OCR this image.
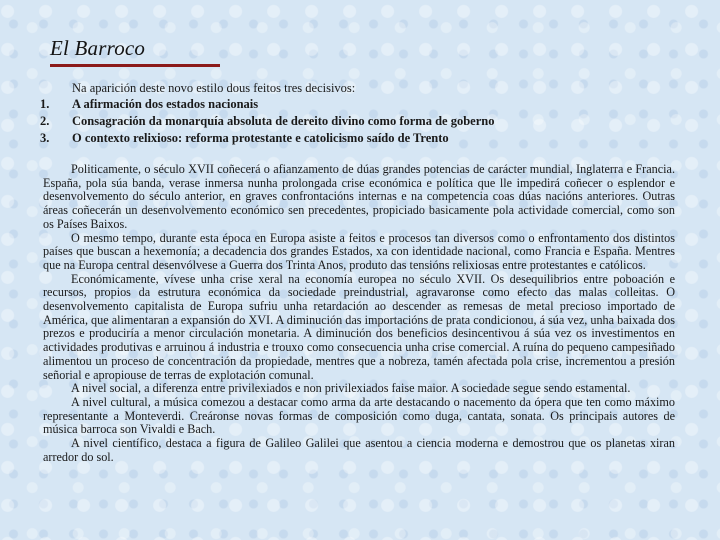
El Barroco
Na aparición deste novo estilo dous feitos tres decisivos:
1. A afirmación dos estados nacionais
2. Consagración da monarquía absoluta de dereito divino como forma de goberno
3. O contexto relixioso: reforma protestante e catolicismo saído de Trento

Politicamente, o século XVII coñecerá o afianzamento de dúas grandes potencias de carácter mundial, Inglaterra e Francia. España, pola súa banda, verase inmersa nunha prolongada crise económica e política que lle impedirá coñecer o esplendor e desenvolvemento do século anterior, en graves confrontacións internas e na competencia coas dúas nacións anteriores. Outras áreas coñecerán un desenvolvemento económico sen precedentes, propiciado basicamente pola actividade comercial, como son os Países Baixos.

O mesmo tempo, durante esta época en Europa asiste a feitos e procesos tan diversos como o enfrontamento dos distintos países que buscan a hexemonía; a decadencia dos grandes Estados, xa con identidade nacional, como Francia e España. Mentres que na Europa central desenvólvese a Guerra dos Trinta Anos, produto das tensións relixiosas entre protestantes e católicos.

Económicamente, vívese unha crise xeral na economía europea no século XVII. Os desequilibrios entre poboación e recursos, propios da estrutura económica da sociedade preindustrial, agravaronse como efecto das malas colleitas. O desenvolvemento capitalista de Europa sufriu unha retardación ao descender as remesas de metal precioso importado de América, que alimentaran a expansión do XVI. A diminución das importacións de prata condicionou, á súa vez, unha baixada dos prezos e produciría a menor circulación monetaria. A diminución dos beneficios desincentivou á súa vez os investimentos en actividades produtivas e arruinou á industria e trouxo como consecuencia unha crise comercial. A ruína do pequeno campesiñado alimentou un proceso de concentración da propiedade, mentres que a nobreza, tamén afectada pola crise, incrementou a presión señorial e apropiouse de terras de explotación comunal.

A nivel social, a diferenza entre privilexiados e non privilexiados faise maior. A sociedade segue sendo estamental.

A nivel cultural, a música comezou a destacar como arma da arte destacando o nacemento da ópera que ten como máximo representante a Monteverdi. Creáronse novas formas de composición como duga, cantata, sonata. Os principais autores de música barroca son Vivaldi e Bach.

A nivel científico, destaca a figura de Galileo Galilei que asentou a ciencia moderna e demostrou que os planetas xiran arredor do sol.
